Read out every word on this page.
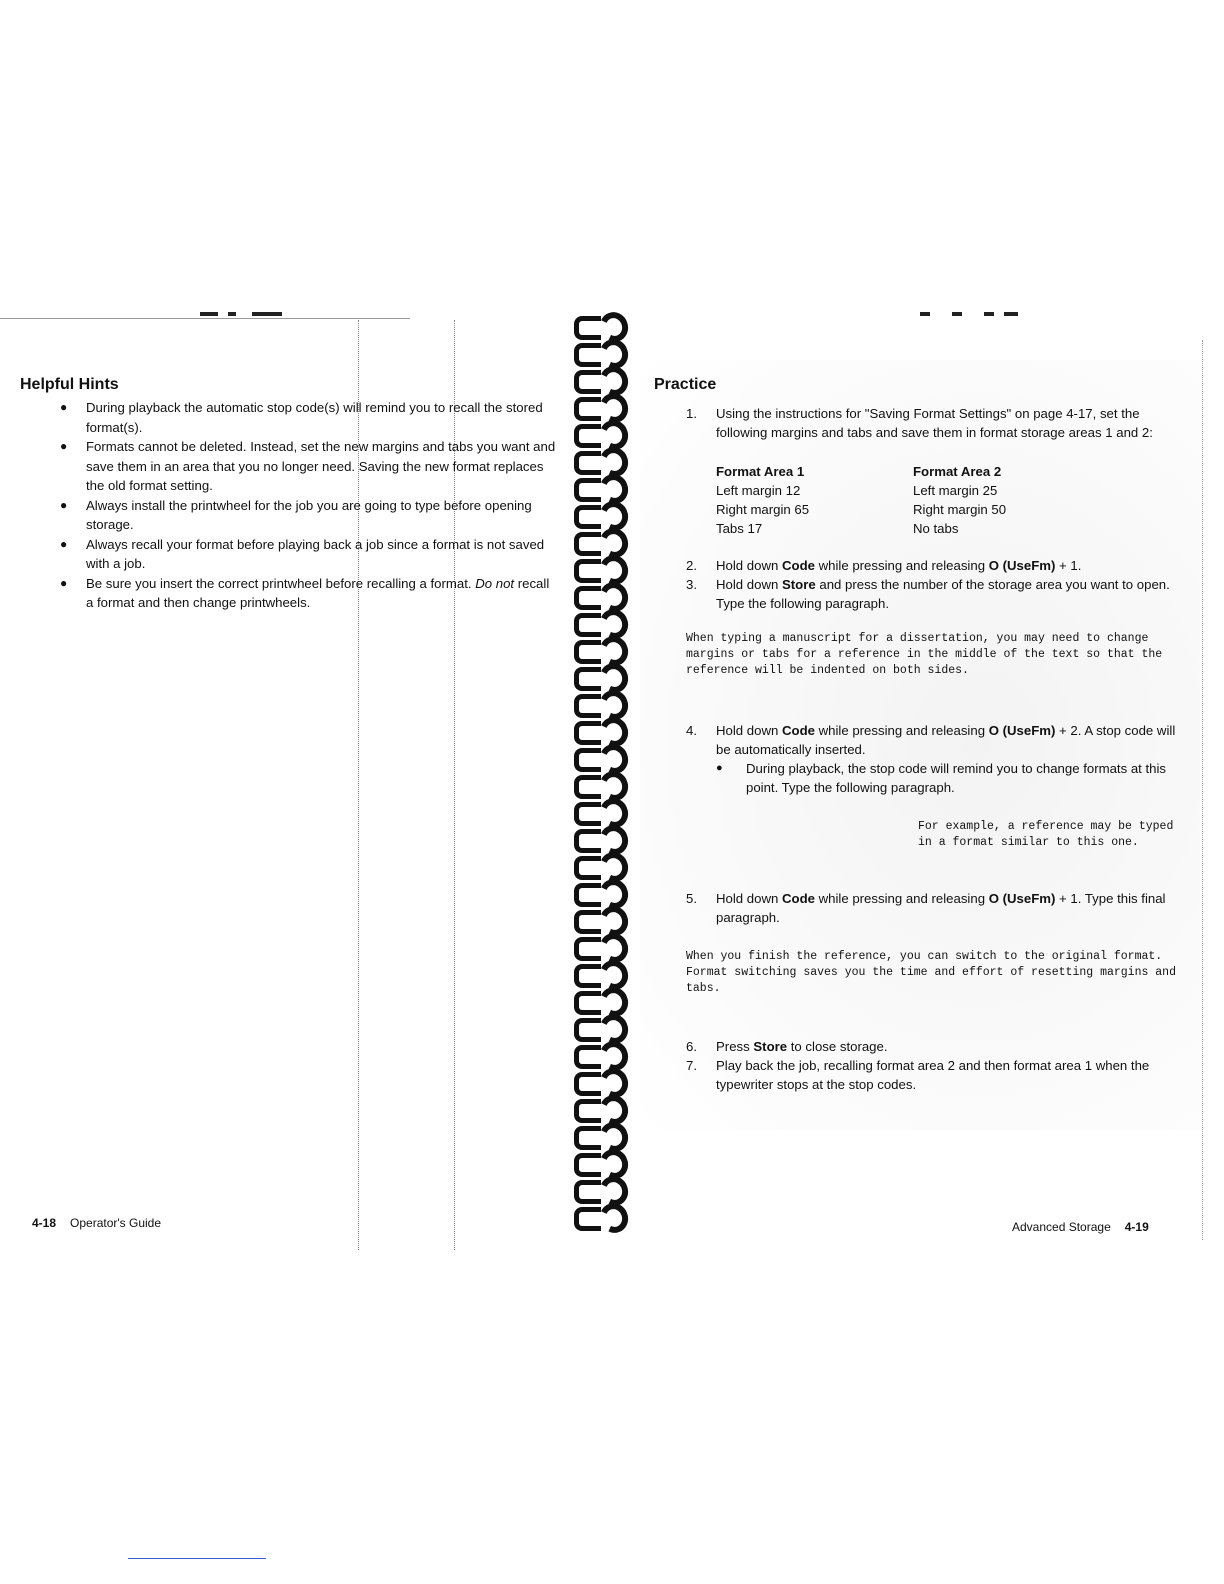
Helpful Hints
● During playback the automatic stop code(s) will remind you to recall the stored format(s).
● Formats cannot be deleted. Instead, set the new margins and tabs you want and save them in an area that you no longer need. Saving the new format replaces the old format setting.
● Always install the printwheel for the job you are going to type before opening storage.
● Always recall your format before playing back a job since a format is not saved with a job.
● Be sure you insert the correct printwheel before recalling a format. Do not recall a format and then change printwheels.
4-18 Operator's Guide
Practice
1. Using the instructions for "Saving Format Settings" on page 4-17, set the following margins and tabs and save them in format storage areas 1 and 2:
Format Area 1	Format Area 2
Left margin 12	Left margin 25
Right margin 65	Right margin 50
Tabs 17	No tabs
2. Hold down Code while pressing and releasing O (UseFm) + 1.
3. Hold down Store and press the number of the storage area you want to open. Type the following paragraph.
When typing a manuscript for a dissertation, you may need to change margins or tabs for a reference in the middle of the text so that the reference will be indented on both sides.
4. Hold down Code while pressing and releasing O (UseFm) + 2. A stop code will be automatically inserted.
● During playback, the stop code will remind you to change formats at this point. Type the following paragraph.
For example, a reference may be typed in a format similar to this one.
5. Hold down Code while pressing and releasing O (UseFm) + 1. Type this final paragraph.
When you finish the reference, you can switch to the original format. Format switching saves you the time and effort of resetting margins and tabs.
6. Press Store to close storage.
7. Play back the job, recalling format area 2 and then format area 1 when the typewriter stops at the stop codes.
Advanced Storage 4-19
